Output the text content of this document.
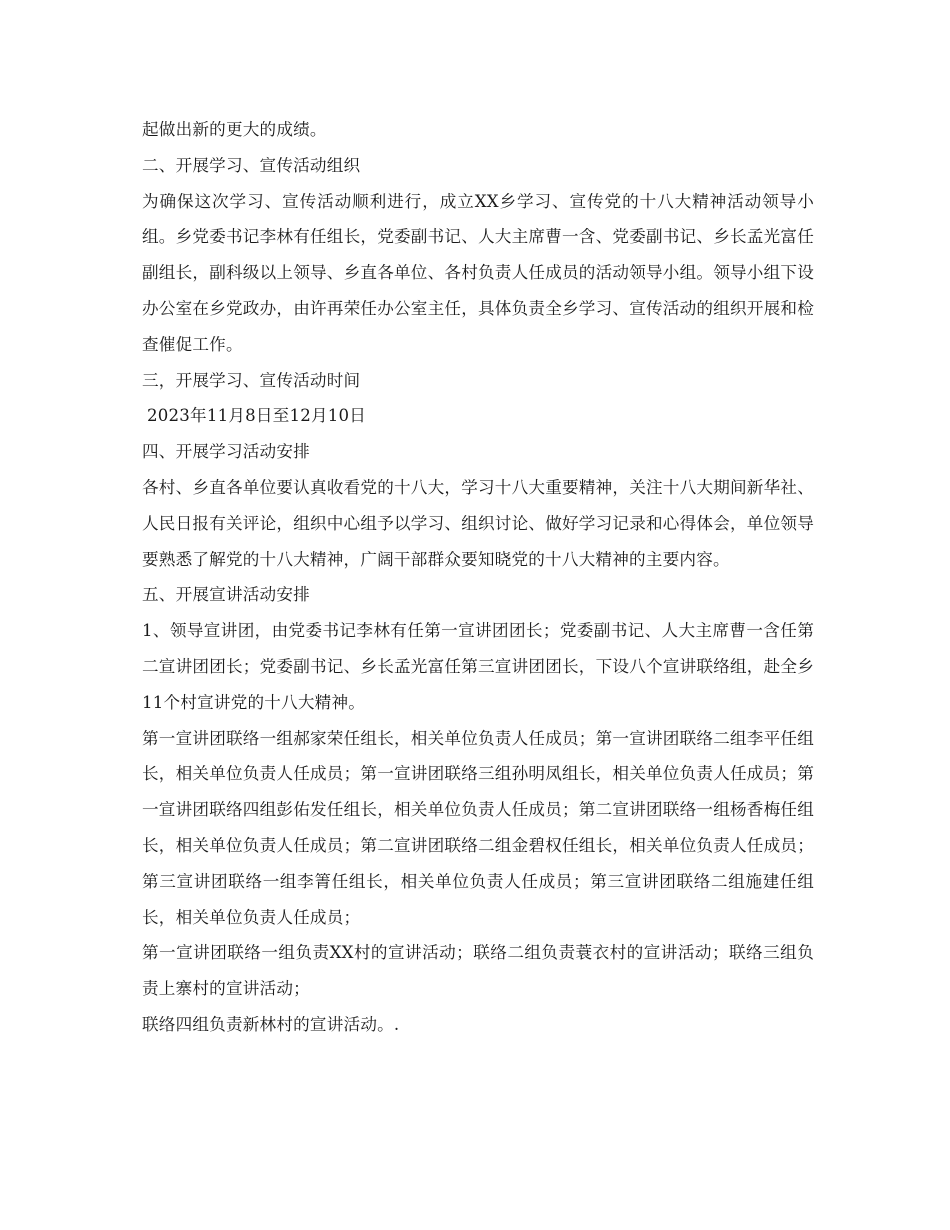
起做出新的更大的成绩。

二、开展学习、宣传活动组织

为确保这次学习、宣传活动顺利进行，成立XX乡学习、宣传党的十八大精神活动领导小组。乡党委书记李林有任组长，党委副书记、人大主席曹一含、党委副书记、乡长孟光富任副组长，副科级以上领导、乡直各单位、各村负责人任成员的活动领导小组。领导小组下设办公室在乡党政办，由许再荣任办公室主任，具体负责全乡学习、宣传活动的组织开展和检查催促工作。

三，开展学习、宣传活动时间

2023年11月8日至12月10日

四、开展学习活动安排

各村、乡直各单位要认真收看党的十八大，学习十八大重要精神，关注十八大期间新华社、人民日报有关评论，组织中心组予以学习、组织讨论、做好学习记录和心得体会，单位领导要熟悉了解党的十八大精神，广阔干部群众要知晓党的十八大精神的主要内容。

五、开展宣讲活动安排

1、领导宣讲团，由党委书记李林有任第一宣讲团团长；党委副书记、人大主席曹一含任第二宣讲团团长；党委副书记、乡长孟光富任第三宣讲团团长，下设八个宣讲联络组，赴全乡11个村宣讲党的十八大精神。

第一宣讲团联络一组郝家荣任组长，相关单位负责人任成员；第一宣讲团联络二组李平任组长，相关单位负责人任成员；第一宣讲团联络三组孙明凤组长，相关单位负责人任成员；第一宣讲团联络四组彭佑发任组长，相关单位负责人任成员；第二宣讲团联络一组杨香梅任组长，相关单位负责人任成员；第二宣讲团联络二组金碧权任组长，相关单位负责人任成员；第三宣讲团联络一组李箐任组长，相关单位负责人任成员；第三宣讲团联络二组施建任组长，相关单位负责人任成员；

第一宣讲团联络一组负责XX村的宣讲活动；联络二组负责蓑衣村的宣讲活动；联络三组负责上寨村的宣讲活动；

联络四组负责新林村的宣讲活动。.
